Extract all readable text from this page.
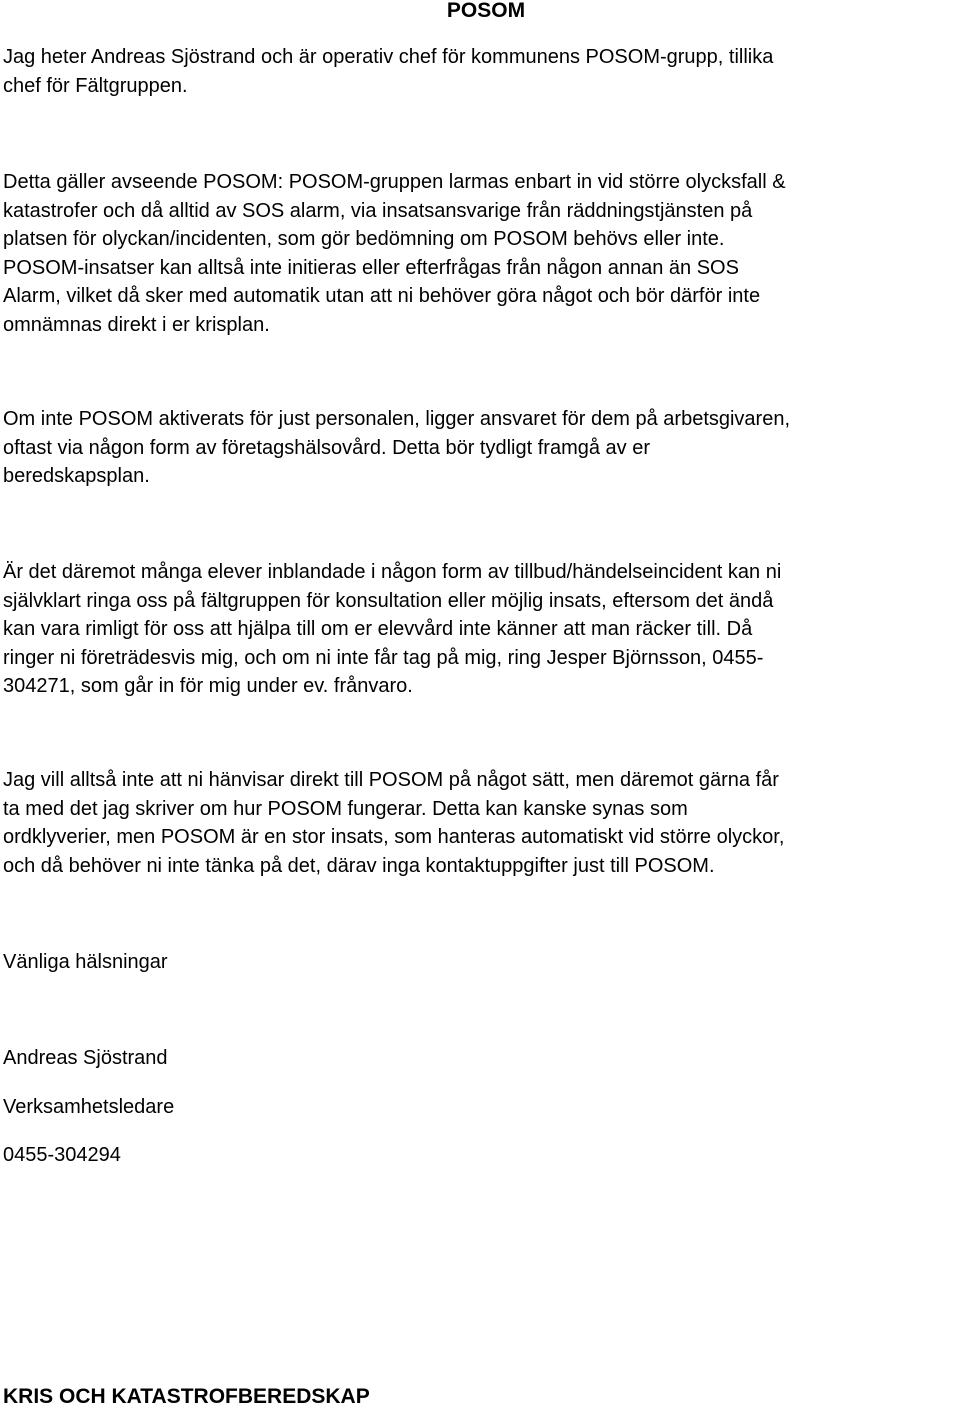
POSOM

Jag heter Andreas Sjöstrand och är operativ chef för kommunens POSOM-grupp, tillika
chef för Fältgruppen.

Detta gäller avseende POSOM: POSOM-gruppen larmas enbart in vid större olycksfall &
katastrofer och då alltid av SOS alarm, via insatsansvarige från räddningstjänsten på
platsen för olyckan/incidenten, som gör bedömning om POSOM behövs eller inte.
POSOM-insatser kan alltså inte initieras eller efterfrågas från någon annan än SOS
Alarm, vilket då sker med automatik utan att ni behöver göra något och bör därför inte
omnämnas direkt i er krisplan.

Om inte POSOM aktiverats för just personalen, ligger ansvaret för dem på arbetsgivaren,
oftast via någon form av företagshälsovård. Detta bör tydligt framgå av er
beredskapsplan.

Är det däremot många elever inblandade i någon form av tillbud/händelseincident kan ni
självklart ringa oss på fältgruppen för konsultation eller möjlig insats, eftersom det ändå
kan vara rimligt för oss att hjälpa till om er elevvård inte känner att man räcker till. Då
ringer ni företrädesvis mig, och om ni inte får tag på mig, ring Jesper Björnsson, 0455-
304271, som går in för mig under ev. frånvaro.

Jag vill alltså inte att ni hänvisar direkt till POSOM på något sätt, men däremot gärna får
ta med det jag skriver om hur POSOM fungerar. Detta kan kanske synas som
ordklyverier, men POSOM är en stor insats, som hanteras automatiskt vid större olyckor,
och då behöver ni inte tänka på det, därav inga kontaktuppgifter just till POSOM.

Vänliga hälsningar

Andreas Sjöstrand

Verksamhetsledare

0455-304294

KRIS OCH KATASTROFBEREDSKAP
